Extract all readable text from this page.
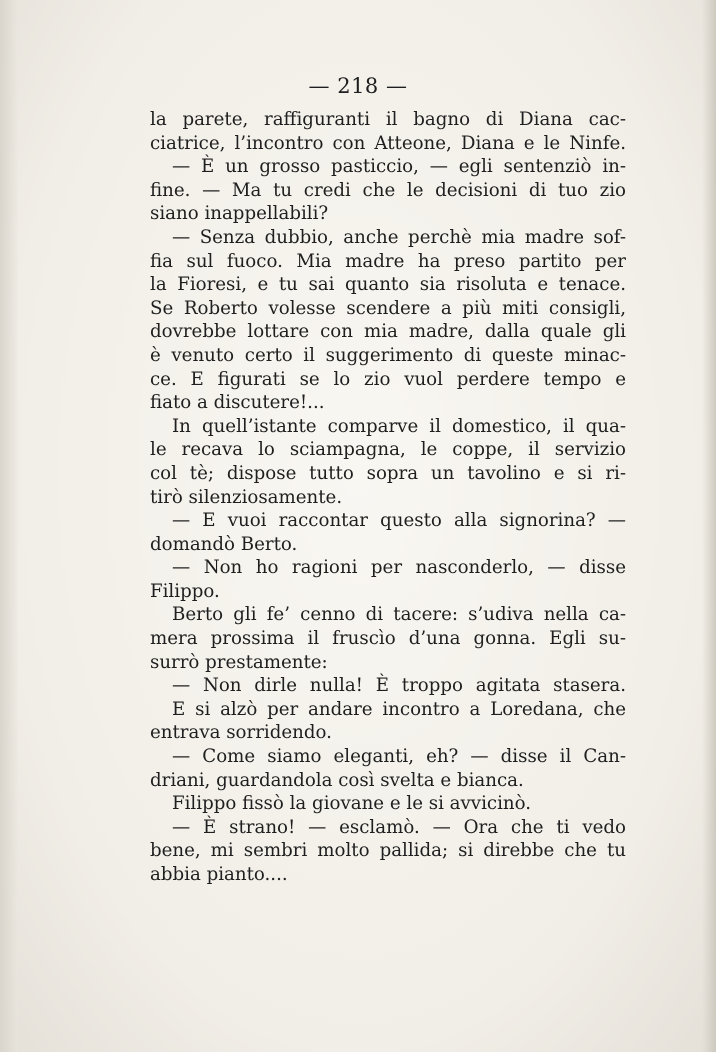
— 218 —
la parete, raffiguranti il bagno di Diana cac-
ciatrice, l’incontro con Atteone, Diana e le Ninfe.
— È un grosso pasticcio, — egli sentenziò in-
fine. — Ma tu credi che le decisioni di tuo zio
siano inappellabili?
— Senza dubbio, anche perchè mia madre sof-
fia sul fuoco. Mia madre ha preso partito per
la Fioresi, e tu sai quanto sia risoluta e tenace.
Se Roberto volesse scendere a più miti consigli,
dovrebbe lottare con mia madre, dalla quale gli
è venuto certo il suggerimento di queste minac-
ce. E figurati se lo zio vuol perdere tempo e
fiato a discutere!...
In quell’istante comparve il domestico, il qua-
le recava lo sciampagna, le coppe, il servizio
col tè; dispose tutto sopra un tavolino e si ri-
tirò silenziosamente.
— E vuoi raccontar questo alla signorina? —
domandò Berto.
— Non ho ragioni per nasconderlo, — disse
Filippo.
Berto gli fe’ cenno di tacere: s’udiva nella ca-
mera prossima il fruscìo d’una gonna. Egli su-
surrò prestamente:
— Non dirle nulla! È troppo agitata stasera.
E si alzò per andare incontro a Loredana, che
entrava sorridendo.
— Come siamo eleganti, eh? — disse il Can-
driani, guardandola così svelta e bianca.
Filippo fissò la giovane e le si avvicinò.
— È strano! — esclamò. — Ora che ti vedo
bene, mi sembri molto pallida; si direbbe che tu
abbia pianto....
